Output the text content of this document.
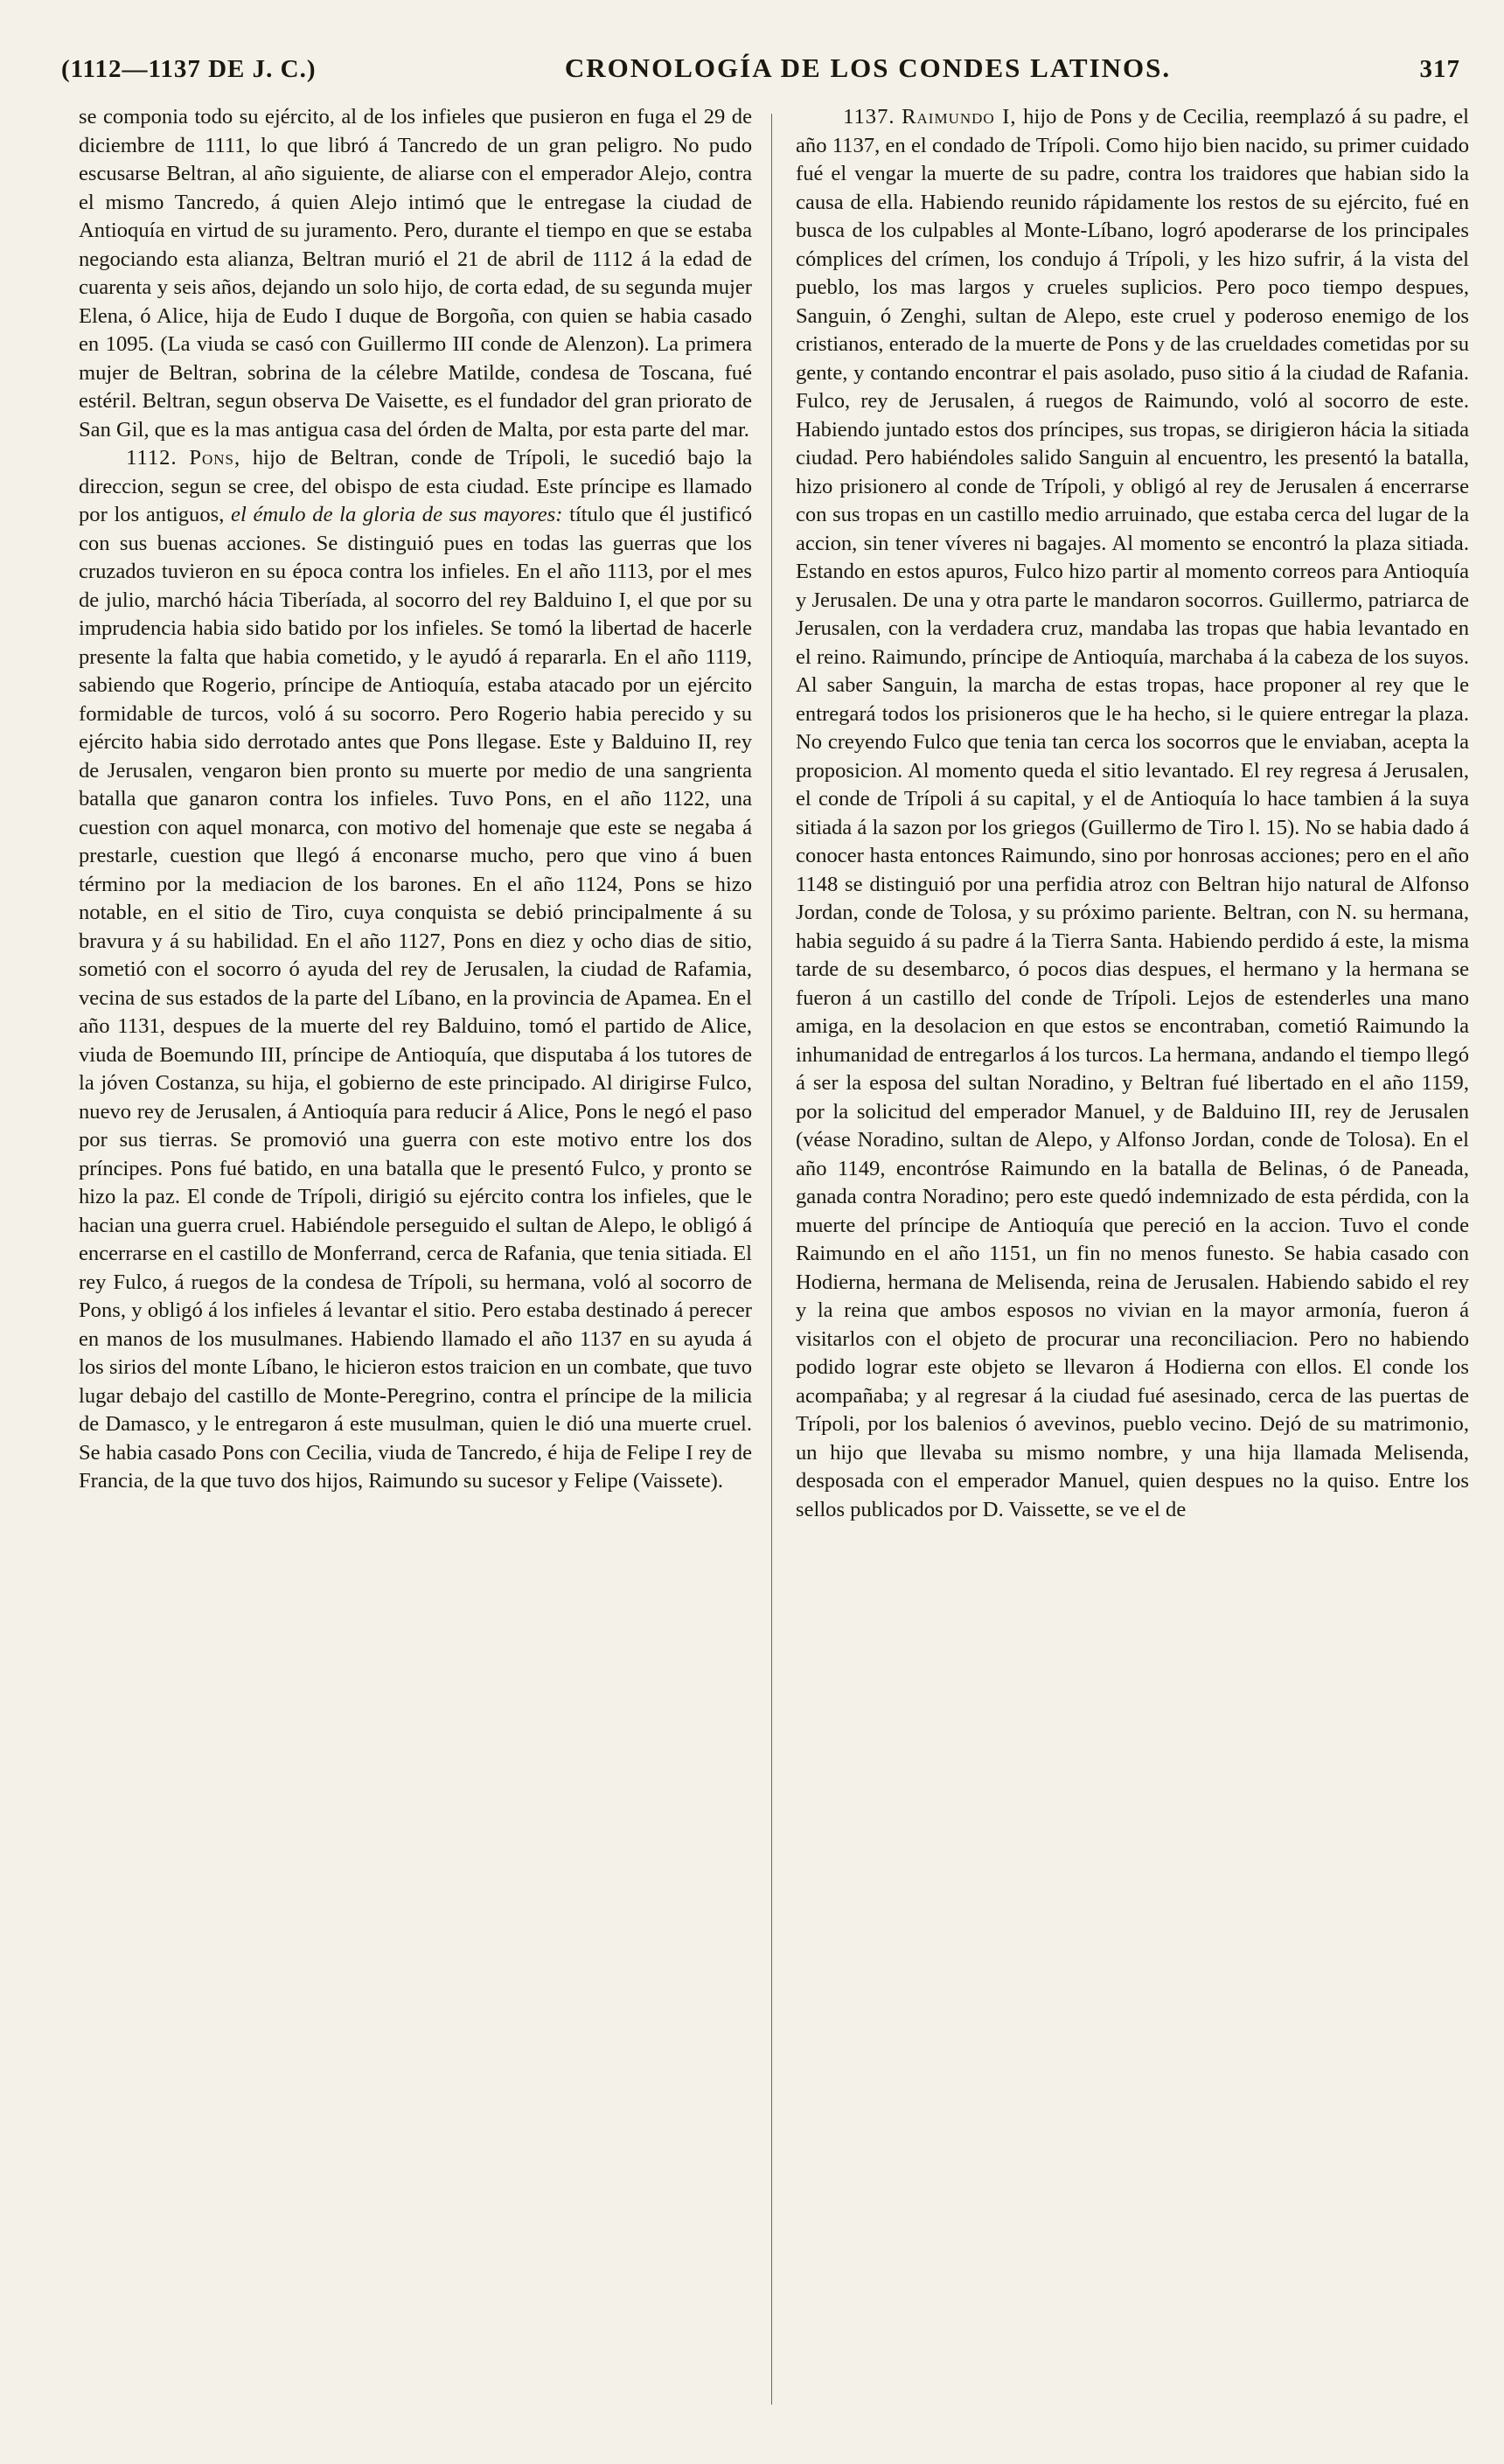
(1112—1137 DE J. C.)	CRONOLOGÍA DE LOS CONDES LATINOS.	317

se componia todo su ejército, al de los infieles que pusieron en fuga el 29 de diciembre de 1111, lo que libró á Tancredo de un gran peligro. No pudo escusarse Beltran, al año siguiente, de aliarse con el emperador Alejo, contra el mismo Tancredo, á quien Alejo intimó que le entregase la ciudad de Antioquía en virtud de su juramento. Pero, durante el tiempo en que se estaba negociando esta alianza, Beltran murió el 21 de abril de 1112 á la edad de cuarenta y seis años, dejando un solo hijo, de corta edad, de su segunda mujer Elena, ó Alice, hija de Eudo I duque de Borgoña, con quien se habia casado en 1095. (La viuda se casó con Guillermo III conde de Alenzon). La primera mujer de Beltran, sobrina de la célebre Matilde, condesa de Toscana, fué estéril. Beltran, segun observa De Vaisette, es el fundador del gran priorato de San Gil, que es la mas antigua casa del órden de Malta, por esta parte del mar.

1112. Pons, hijo de Beltran, conde de Trípoli, le sucedió bajo la direccion, segun se cree, del obispo de esta ciudad. Este príncipe es llamado por los antiguos, el émulo de la gloria de sus mayores: título que él justificó con sus buenas acciones. Se distinguió pues en todas las guerras que los cruzados tuvieron en su época contra los infieles. En el año 1113, por el mes de julio, marchó hácia Tiberíada, al socorro del rey Balduino I, el que por su imprudencia habia sido batido por los infieles. Se tomó la libertad de hacerle presente la falta que habia cometido, y le ayudó á repararla. En el año 1119, sabiendo que Rogerio, príncipe de Antioquía, estaba atacado por un ejército formidable de turcos, voló á su socorro. Pero Rogerio habia perecido y su ejército habia sido derrotado antes que Pons llegase. Este y Balduino II, rey de Jerusalen, vengaron bien pronto su muerte por medio de una sangrienta batalla que ganaron contra los infieles. Tuvo Pons, en el año 1122, una cuestion con aquel monarca, con motivo del homenaje que este se negaba á prestarle, cuestion que llegó á enconarse mucho, pero que vino á buen término por la mediacion de los barones. En el año 1124, Pons se hizo notable, en el sitio de Tiro, cuya conquista se debió principalmente á su bravura y á su habilidad. En el año 1127, Pons en diez y ocho dias de sitio, sometió con el socorro ó ayuda del rey de Jerusalen, la ciudad de Rafamia, vecina de sus estados de la parte del Líbano, en la provincia de Apamea. En el año 1131, despues de la muerte del rey Balduino, tomó el partido de Alice, viuda de Boemundo III, príncipe de Antioquía, que disputaba á los tutores de la jóven Costanza, su hija, el gobierno de este principado. Al dirigirse Fulco, nuevo rey de Jerusalen, á Antioquía para reducir á Alice, Pons le negó el paso por sus tierras. Se promovió una guerra con este motivo entre los dos príncipes. Pons fué batido, en una batalla que le presentó Fulco, y pronto se hizo la paz. El conde de Trípoli, dirigió su ejército contra los infieles, que le hacian una guerra cruel. Habiéndole perseguido el sultan de Alepo, le obligó á encerrarse en el castillo de Monferrand, cerca de Rafania, que tenia sitiada. El rey Fulco, á ruegos de la condesa de Trípoli, su hermana, voló al socorro de Pons, y obligó á los infieles á levantar el sitio. Pero estaba destinado á perecer en manos de los musulmanes. Habiendo llamado el año 1137 en su ayuda á los sirios del monte Líbano, le hicieron estos traicion en un combate, que tuvo lugar debajo del castillo de Monte-Peregrino, contra el príncipe de la milicia de Damasco, y le entregaron á este musulman, quien le dió una muerte cruel. Se habia casado Pons con Cecilia, viuda de Tancredo, é hija de Felipe I rey de Francia, de la que tuvo dos hijos, Raimundo su sucesor y Felipe (Vaissete).

1137. Raimundo I, hijo de Pons y de Cecilia, reemplazó á su padre, el año 1137, en el condado de Trípoli. Como hijo bien nacido, su primer cuidado fué el vengar la muerte de su padre, contra los traidores que habian sido la causa de ella. Habiendo reunido rápidamente los restos de su ejército, fué en busca de los culpables al Monte-Líbano, logró apoderarse de los principales cómplices del crímen, los condujo á Trípoli, y les hizo sufrir, á la vista del pueblo, los mas largos y crueles suplicios. Pero poco tiempo despues, Sanguin, ó Zenghi, sultan de Alepo, este cruel y poderoso enemigo de los cristianos, enterado de la muerte de Pons y de las crueldades cometidas por su gente, y contando encontrar el pais asolado, puso sitio á la ciudad de Rafania. Fulco, rey de Jerusalen, á ruegos de Raimundo, voló al socorro de este. Habiendo juntado estos dos príncipes, sus tropas, se dirigieron hácia la sitiada ciudad. Pero habiéndoles salido Sanguin al encuentro, les presentó la batalla, hizo prisionero al conde de Trípoli, y obligó al rey de Jerusalen á encerrarse con sus tropas en un castillo medio arruinado, que estaba cerca del lugar de la accion, sin tener víveres ni bagajes. Al momento se encontró la plaza sitiada. Estando en estos apuros, Fulco hizo partir al momento correos para Antioquía y Jerusalen. De una y otra parte le mandaron socorros. Guillermo, patriarca de Jerusalen, con la verdadera cruz, mandaba las tropas que habia levantado en el reino. Raimundo, príncipe de Antioquía, marchaba á la cabeza de los suyos. Al saber Sanguin, la marcha de estas tropas, hace proponer al rey que le entregará todos los prisioneros que le ha hecho, si le quiere entregar la plaza. No creyendo Fulco que tenia tan cerca los socorros que le enviaban, acepta la proposicion. Al momento queda el sitio levantado. El rey regresa á Jerusalen, el conde de Trípoli á su capital, y el de Antioquía lo hace tambien á la suya sitiada á la sazon por los griegos (Guillermo de Tiro l. 15). No se habia dado á conocer hasta entonces Raimundo, sino por honrosas acciones; pero en el año 1148 se distinguió por una perfidia atroz con Beltran hijo natural de Alfonso Jordan, conde de Tolosa, y su próximo pariente. Beltran, con N. su hermana, habia seguido á su padre á la Tierra Santa. Habiendo perdido á este, la misma tarde de su desembarco, ó pocos dias despues, el hermano y la hermana se fueron á un castillo del conde de Trípoli. Lejos de estenderles una mano amiga, en la desolacion en que estos se encontraban, cometió Raimundo la inhumanidad de entregarlos á los turcos. La hermana, andando el tiempo llegó á ser la esposa del sultan Noradino, y Beltran fué libertado en el año 1159, por la solicitud del emperador Manuel, y de Balduino III, rey de Jerusalen (véase Noradino, sultan de Alepo, y Alfonso Jordan, conde de Tolosa). En el año 1149, encontróse Raimundo en la batalla de Belinas, ó de Paneada, ganada contra Noradino; pero este quedó indemnizado de esta pérdida, con la muerte del príncipe de Antioquía que pereció en la accion. Tuvo el conde Raimundo en el año 1151, un fin no menos funesto. Se habia casado con Hodierna, hermana de Melisenda, reina de Jerusalen. Habiendo sabido el rey y la reina que ambos esposos no vivian en la mayor armonía, fueron á visitarlos con el objeto de procurar una reconciliacion. Pero no habiendo podido lograr este objeto se llevaron á Hodierna con ellos. El conde los acompañaba; y al regresar á la ciudad fué asesinado, cerca de las puertas de Trípoli, por los balenios ó avevinos, pueblo vecino. Dejó de su matrimonio, un hijo que llevaba su mismo nombre, y una hija llamada Melisenda, desposada con el emperador Manuel, quien despues no la quiso. Entre los sellos publicados por D. Vaissette, se ve el de
